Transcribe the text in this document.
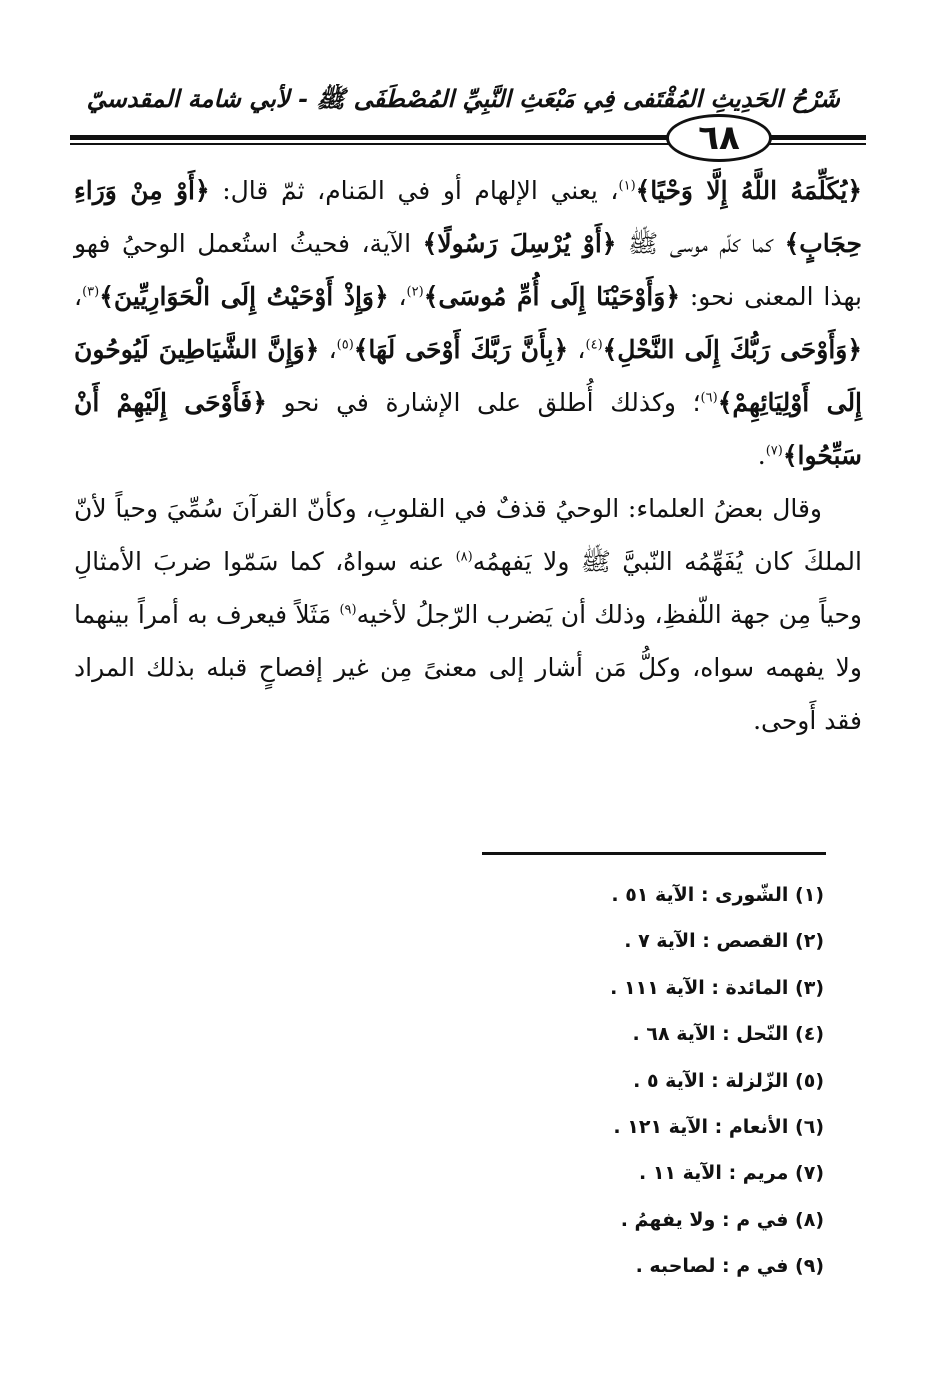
شَرْحُ الحَدِيثِ المُقْتَفى فِي مَبْعَثِ النَّبِيِّ المُصْطَفَى ﷺ - لأبي شامة المقدسيّ
٦٨

﴿يُكَلِّمَهُ اللَّهُ إِلَّا وَحْيًا﴾$^{(١)}$، يعني الإلهام أو في المَنام، ثمّ قال: ﴿أَوْ مِنْ وَرَاءِ حِجَابٍ﴾ كما كلّم موسى ﷺ ﴿أَوْ يُرْسِلَ رَسُولًا﴾ الآية، فحيثُ استُعمل الوحيُ فهو بهذا المعنى نحو: ﴿وَأَوْحَيْنَا إِلَى أُمِّ مُوسَى﴾$^{(٢)}$، ﴿وَإِذْ أَوْحَيْتُ إِلَى الْحَوَارِيِّينَ﴾$^{(٣)}$، ﴿وَأَوْحَى رَبُّكَ إِلَى النَّحْلِ﴾$^{(٤)}$، ﴿بِأَنَّ رَبَّكَ أَوْحَى لَهَا﴾$^{(٥)}$، ﴿وَإِنَّ الشَّيَاطِينَ لَيُوحُونَ إِلَى أَوْلِيَائِهِمْ﴾$^{(٦)}$؛ وكذلك أُطلق على الإشارة في نحو ﴿فَأَوْحَى إِلَيْهِمْ أَنْ سَبِّحُوا﴾$^{(٧)}$.

وقال بعضُ العلماء: الوحيُ قذفٌ في القلوبِ، وكأنّ القرآنَ سُمِّيَ وحياً لأنّ الملكَ كان يُفَهِّمُه النّبيَّ ﷺ ولا يَفهمُه$^{(٨)}$ عنه سواهُ، كما سَمّوا ضربَ الأمثالِ وحياً مِن جهة اللّفظِ، وذلك أن يَضرب الرّجلُ لأخيه$^{(٩)}$ مَثَلاً فيعرف به أمراً بينهما ولا يفهمه سواه، وكلُّ مَن أشار إلى معنىً مِن غير إفصاحٍ قبله بذلك المراد فقد أَوحى.

(١) الشّورى : الآية ٥١ .
(٢) القصص : الآية ٧ .
(٣) المائدة : الآية ١١١ .
(٤) النّحل : الآية ٦٨ .
(٥) الزّلزلة : الآية ٥ .
(٦) الأنعام : الآية ١٢١ .
(٧) مريم : الآية ١١ .
(٨) في م : ولا يفهمُ .
(٩) في م : لصاحبه .
